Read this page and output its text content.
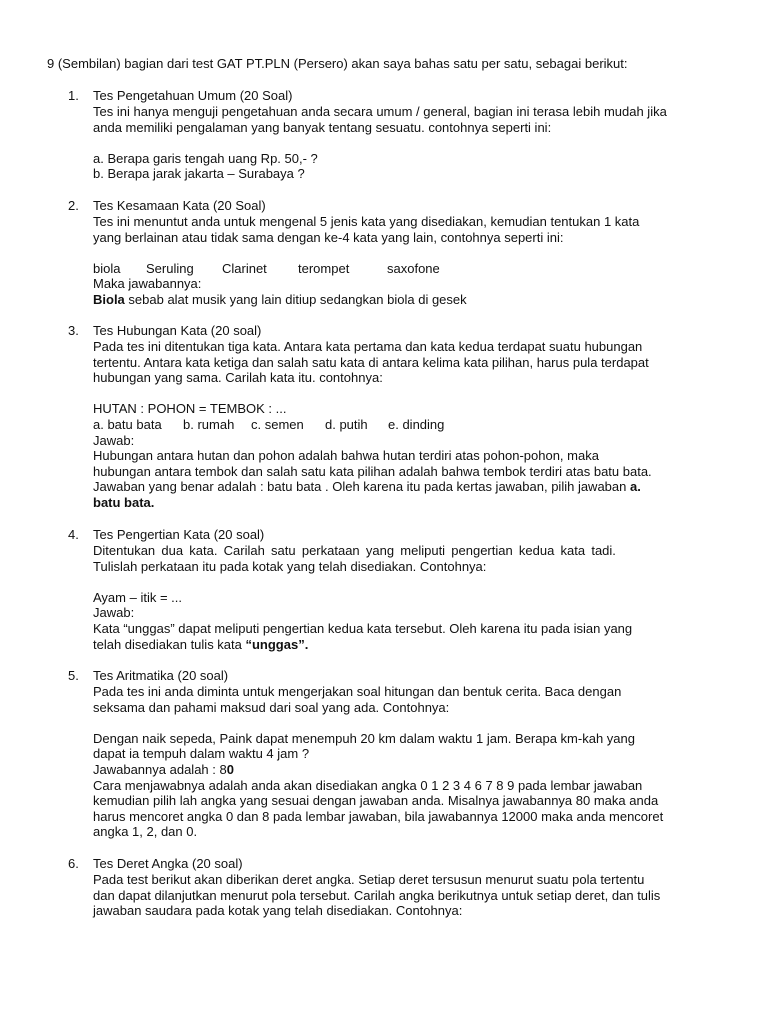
9 (Sembilan) bagian dari test GAT PT.PLN (Persero) akan saya bahas satu per satu, sebagai berikut:
1.	Tes Pengetahuan Umum (20 Soal)

Tes ini hanya menguji pengetahuan anda secara umum / general, bagian ini terasa lebih mudah jika

anda memiliki pengalaman yang banyak tentang sesuatu. contohnya seperti ini:

a. Berapa garis tengah uang Rp. 50,- ?

b. Berapa jarak jakarta – Surabaya ?

2.	Tes Kesamaan Kata (20 Soal)

Tes ini menuntut anda untuk mengenal 5 jenis kata yang disediakan, kemudian tentukan 1 kata

yang berlainan atau tidak sama dengan ke-4 kata yang lain, contohnya seperti ini:

biola Seruling Clarinet terompet	saxofone

Maka jawabannya:

Biola sebab alat musik yang lain ditiup sedangkan biola di gesek

3.	Tes Hubungan Kata (20 soal)

Pada tes ini ditentukan tiga kata. Antara kata pertama dan kata kedua terdapat suatu hubungan

tertentu. Antara kata ketiga dan salah satu kata di antara kelima kata pilihan, harus pula terdapat

hubungan yang sama. Carilah kata itu. contohnya:

HUTAN : POHON = TEMBOK : ...

a. batu bata b. rumah c. semen d. putih e. dinding

Jawab:

Hubungan antara hutan dan pohon adalah bahwa hutan terdiri atas pohon-pohon, maka

hubungan antara tembok dan salah satu kata pilihan adalah bahwa tembok terdiri atas batu bata.

Jawaban yang benar adalah : batu bata . Oleh karena itu pada kertas jawaban, pilih jawaban a.

batu bata.

4.	Tes Pengertian Kata (20 soal)

Ditentukan dua kata. Carilah satu perkataan yang meliputi pengertian kedua kata tadi.

Tulislah perkataan itu pada kotak yang telah disediakan. Contohnya:

Ayam – itik = ...

Jawab:

Kata “unggas” dapat meliputi pengertian kedua kata tersebut. Oleh karena itu pada isian yang

telah disediakan tulis kata “unggas”.

5.	Tes Aritmatika (20 soal)

Pada tes ini anda diminta untuk mengerjakan soal hitungan dan bentuk cerita. Baca dengan

seksama dan pahami maksud dari soal yang ada. Contohnya:

Dengan naik sepeda, Paink dapat menempuh 20 km dalam waktu 1 jam. Berapa km-kah yang

dapat ia tempuh dalam waktu 4 jam ?

Jawabannya adalah : 80

Cara menjawabnya adalah anda akan disediakan angka 0 1 2 3 4 6 7 8 9 pada lembar jawaban

kemudian pilih lah angka yang sesuai dengan jawaban anda. Misalnya jawabannya 80 maka anda

harus mencoret angka 0 dan 8 pada lembar jawaban, bila jawabannya 12000 maka anda mencoret

angka 1, 2, dan 0.

6.	Tes Deret Angka (20 soal)

Pada test berikut akan diberikan deret angka. Setiap deret tersusun menurut suatu pola tertentu

dan dapat dilanjutkan menurut pola tersebut. Carilah angka berikutnya untuk setiap deret, dan tulis

jawaban saudara pada kotak yang telah disediakan. Contohnya:
